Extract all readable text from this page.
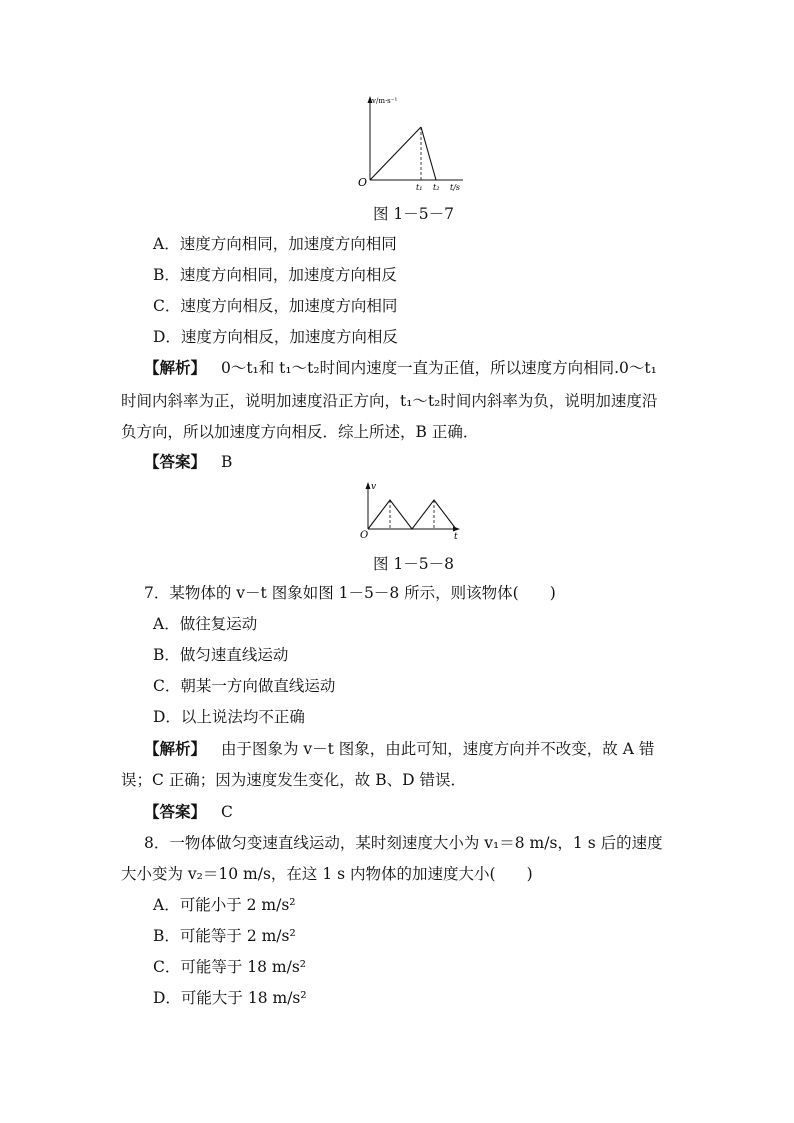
v/m·s⁻¹
O	t₁ t₂ t/s
图 1－5－7
A．速度方向相同，加速度方向相同
B．速度方向相同，加速度方向相反
C．速度方向相反，加速度方向相同
D．速度方向相反，加速度方向相反
【解析】 0～t₁和 t₁～t₂时间内速度一直为正值，所以速度方向相同.0～t₁
时间内斜率为正，说明加速度沿正方向，t₁～t₂时间内斜率为负，说明加速度沿
负方向，所以加速度方向相反．综上所述，B 正确．
【答案】 B
v
O	t
图 1－5－8
7．某物体的 v－t 图象如图 1－5－8 所示，则该物体(　　)
A．做往复运动
B．做匀速直线运动
C．朝某一方向做直线运动
D．以上说法均不正确
【解析】 由于图象为 v－t 图象，由此可知，速度方向并不改变，故 A 错
误；C 正确；因为速度发生变化，故 B、D 错误．
【答案】 C
8．一物体做匀变速直线运动，某时刻速度大小为 v₁＝8 m/s，1 s 后的速度
大小变为 v₂＝10 m/s，在这 1 s 内物体的加速度大小(　　)
A．可能小于 2 m/s²
B．可能等于 2 m/s²
C．可能等于 18 m/s²
D．可能大于 18 m/s²
